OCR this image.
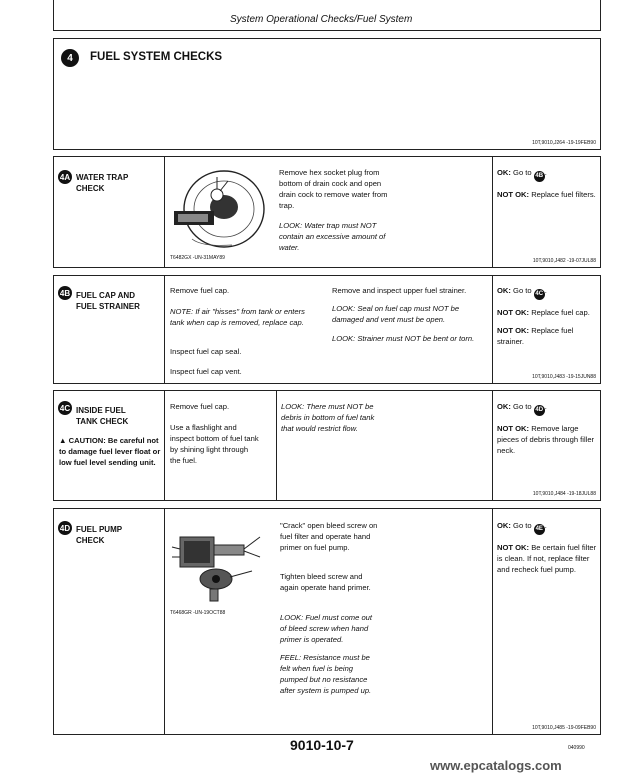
System Operational Checks/Fuel System
4	FUEL SYSTEM CHECKS
10T,9010,J264 -19-19FEB90
4A WATER TRAP CHECK
T6482GX -UN-31MAY89
Remove hex socket plug from bottom of drain cock and open drain cock to remove water from trap.
LOOK: Water trap must NOT contain an excessive amount of water.

OK: Go to 4B .

NOT OK: Replace fuel filters.

10T,9010,J482 -19-07JUL88
4B FUEL CAP AND FUEL STRAINER
Remove fuel cap.
NOTE: If air "hisses" from tank or enters tank when cap is removed, replace cap.
Inspect fuel cap seal.
Inspect fuel cap vent.
Remove and inspect upper fuel strainer.
LOOK: Seal on fuel cap must NOT be damaged and vent must be open.
LOOK: Strainer must NOT be bent or torn.

OK: Go to 4C .

NOT OK: Replace fuel cap.

NOT OK: Replace fuel strainer.

10T,9010,J483 -19-15JUN88
4C INSIDE FUEL TANK CHECK
▲ CAUTION: Be careful not to damage fuel lever float or low fuel level sending unit.
Remove fuel cap.
Use a flashlight and inspect bottom of fuel tank by shining light through the fuel.
LOOK: There must NOT be debris in bottom of fuel tank that would restrict flow.

OK: Go to 4D .

NOT OK: Remove large pieces of debris through filler neck.

10T,9010,J484 -19-18JUL88
4D FUEL PUMP CHECK
T6468GR -UN-19OCT88
"Crack" open bleed screw on fuel filter and operate hand primer on fuel pump.
Tighten bleed screw and again operate hand primer.
LOOK: Fuel must come out of bleed screw when hand primer is operated.
FEEL: Resistance must be felt when fuel is being pumped but no resistance after system is pumped up.

OK: Go to 4E .

NOT OK: Be certain fuel filter is clean. If not, replace filter and recheck fuel pump.

10T,9010,J485 -19-09FEB90
9010-10-7	040990
www.epcatalogs.com
